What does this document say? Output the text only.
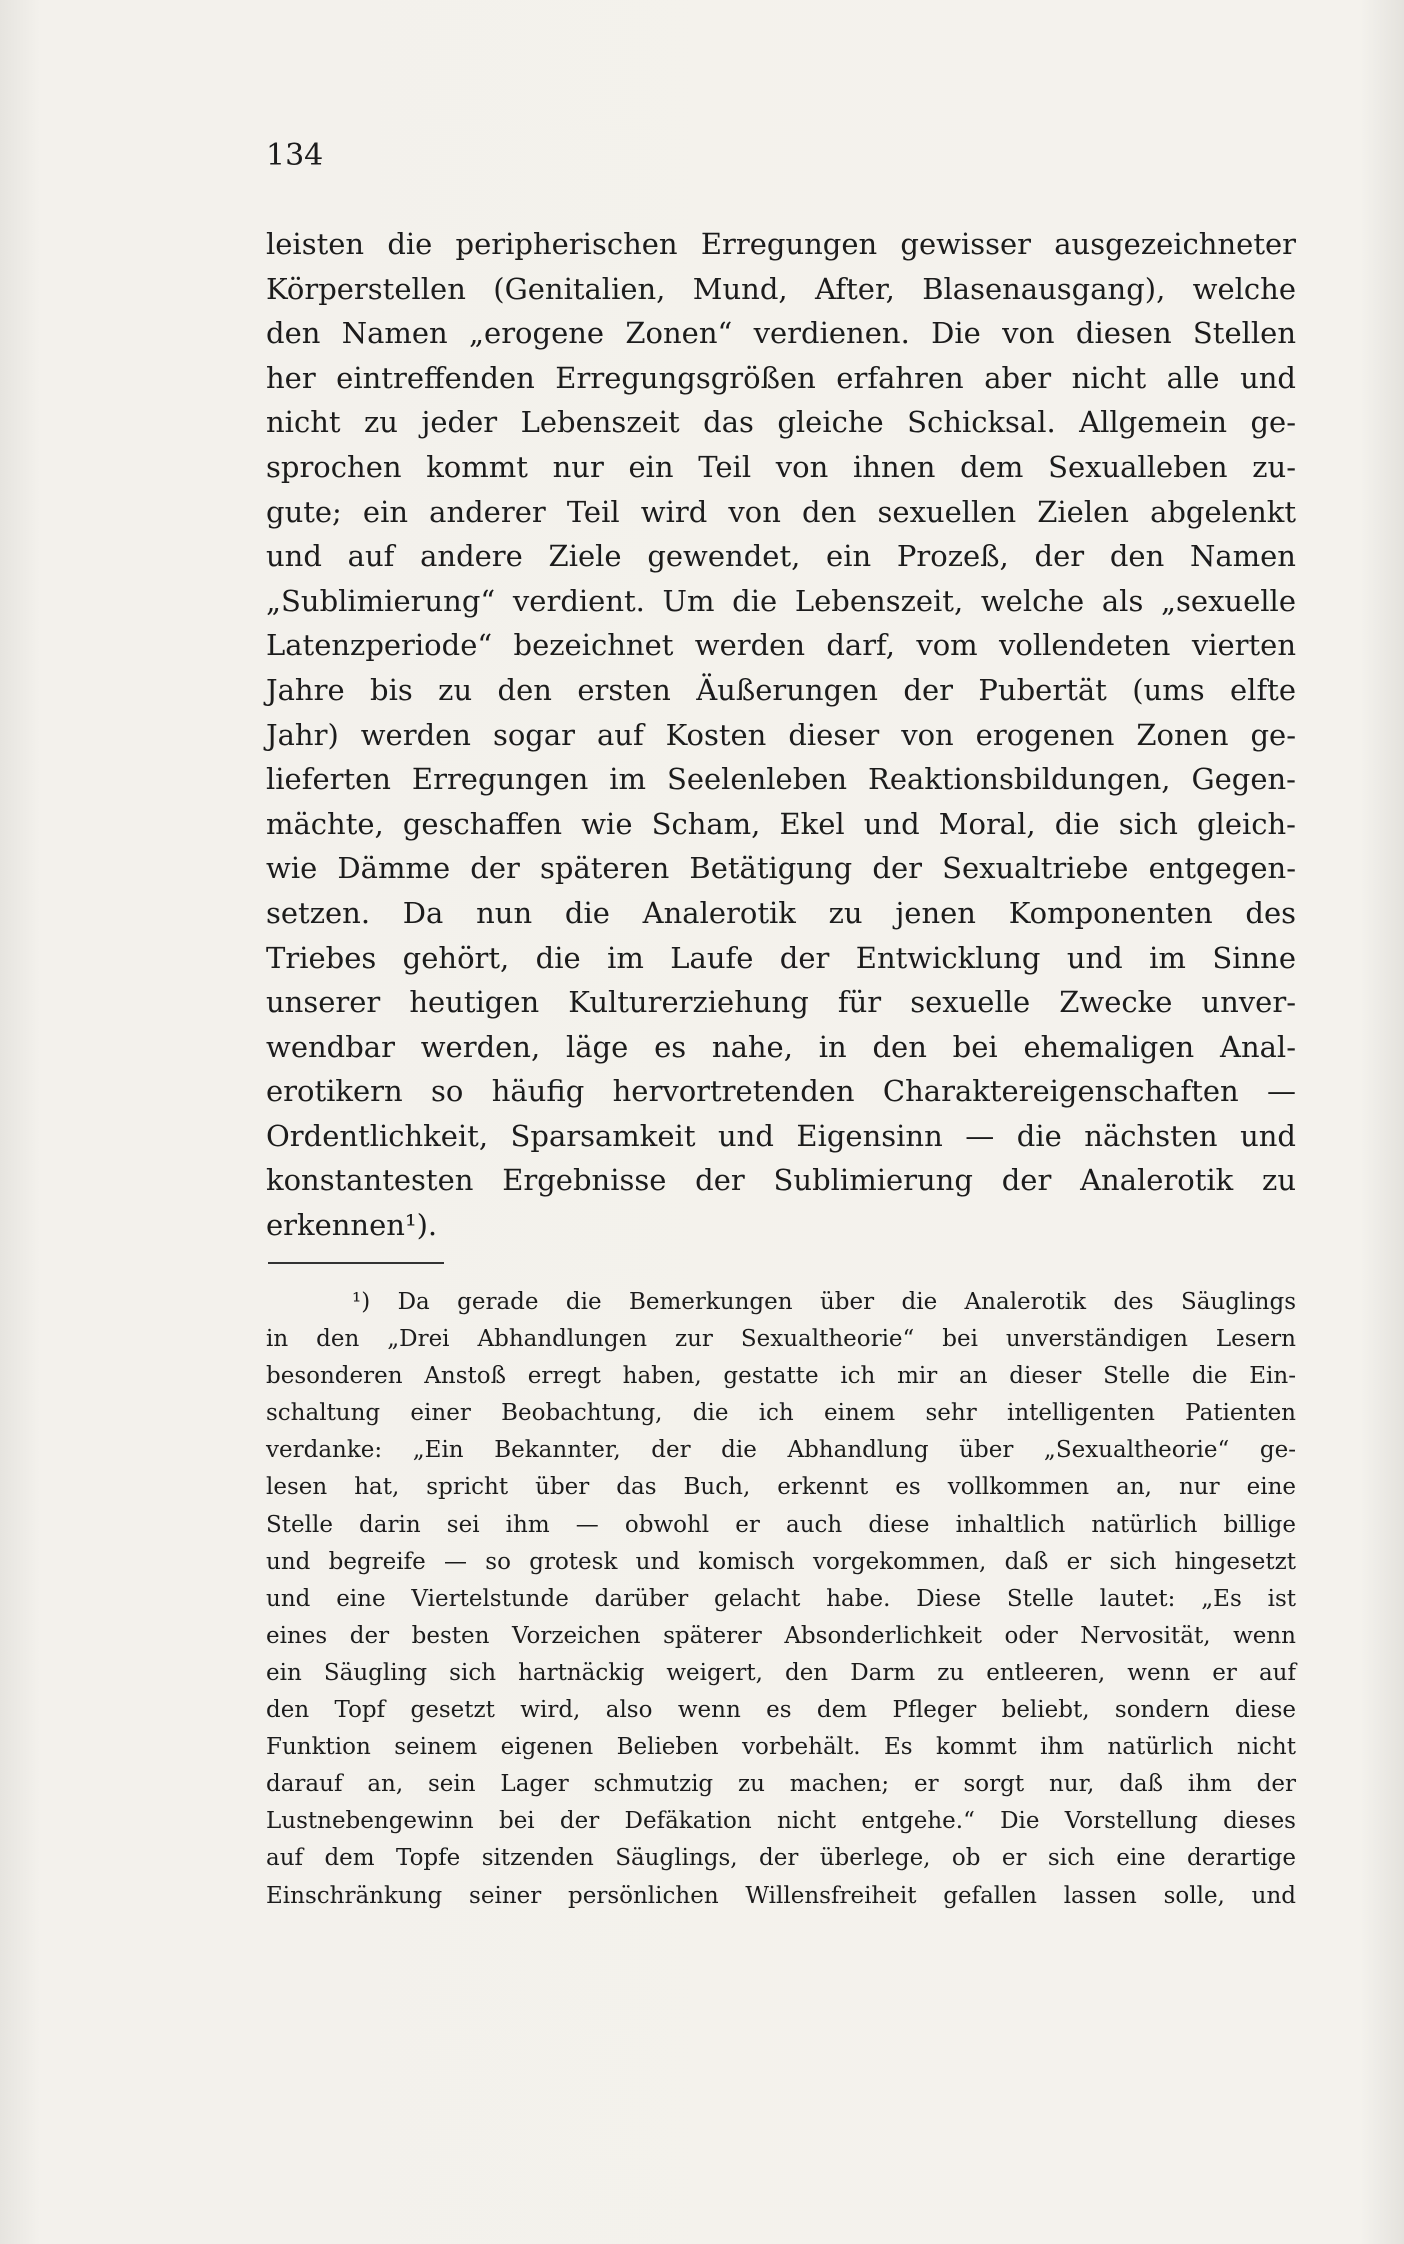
134
leisten die peripherischen Erregungen gewisser ausgezeichneter
Körperstellen (Genitalien, Mund, After, Blasenausgang), welche
den Namen „erogene Zonen“ verdienen. Die von diesen Stellen
her eintreffenden Erregungsgrößen erfahren aber nicht alle und
nicht zu jeder Lebenszeit das gleiche Schicksal. Allgemein ge-
sprochen kommt nur ein Teil von ihnen dem Sexualleben zu-
gute; ein anderer Teil wird von den sexuellen Zielen abgelenkt
und auf andere Ziele gewendet, ein Prozeß, der den Namen
„Sublimierung“ verdient. Um die Lebenszeit, welche als „sexuelle
Latenzperiode“ bezeichnet werden darf, vom vollendeten vierten
Jahre bis zu den ersten Äußerungen der Pubertät (ums elfte
Jahr) werden sogar auf Kosten dieser von erogenen Zonen ge-
lieferten Erregungen im Seelenleben Reaktionsbildungen, Gegen-
mächte, geschaffen wie Scham, Ekel und Moral, die sich gleich-
wie Dämme der späteren Betätigung der Sexualtriebe entgegen-
setzen. Da nun die Analerotik zu jenen Komponenten des
Triebes gehört, die im Laufe der Entwicklung und im Sinne
unserer heutigen Kulturerziehung für sexuelle Zwecke unver-
wendbar werden, läge es nahe, in den bei ehemaligen Anal-
erotikern so häufig hervortretenden Charaktereigenschaften —
Ordentlichkeit, Sparsamkeit und Eigensinn — die nächsten und
konstantesten Ergebnisse der Sublimierung der Analerotik zu
erkennen¹).
¹) Da gerade die Bemerkungen über die Analerotik des Säuglings
in den „Drei Abhandlungen zur Sexualtheorie“ bei unverständigen Lesern
besonderen Anstoß erregt haben, gestatte ich mir an dieser Stelle die Ein-
schaltung einer Beobachtung, die ich einem sehr intelligenten Patienten
verdanke: „Ein Bekannter, der die Abhandlung über „Sexualtheorie“ ge-
lesen hat, spricht über das Buch, erkennt es vollkommen an, nur eine
Stelle darin sei ihm — obwohl er auch diese inhaltlich natürlich billige
und begreife — so grotesk und komisch vorgekommen, daß er sich hingesetzt
und eine Viertelstunde darüber gelacht habe. Diese Stelle lautet: „Es ist
eines der besten Vorzeichen späterer Absonderlichkeit oder Nervosität, wenn
ein Säugling sich hartnäckig weigert, den Darm zu entleeren, wenn er auf
den Topf gesetzt wird, also wenn es dem Pfleger beliebt, sondern diese
Funktion seinem eigenen Belieben vorbehält. Es kommt ihm natürlich nicht
darauf an, sein Lager schmutzig zu machen; er sorgt nur, daß ihm der
Lustnebengewinn bei der Defäkation nicht entgehe.“ Die Vorstellung dieses
auf dem Topfe sitzenden Säuglings, der überlege, ob er sich eine derartige
Einschränkung seiner persönlichen Willensfreiheit gefallen lassen solle, und
